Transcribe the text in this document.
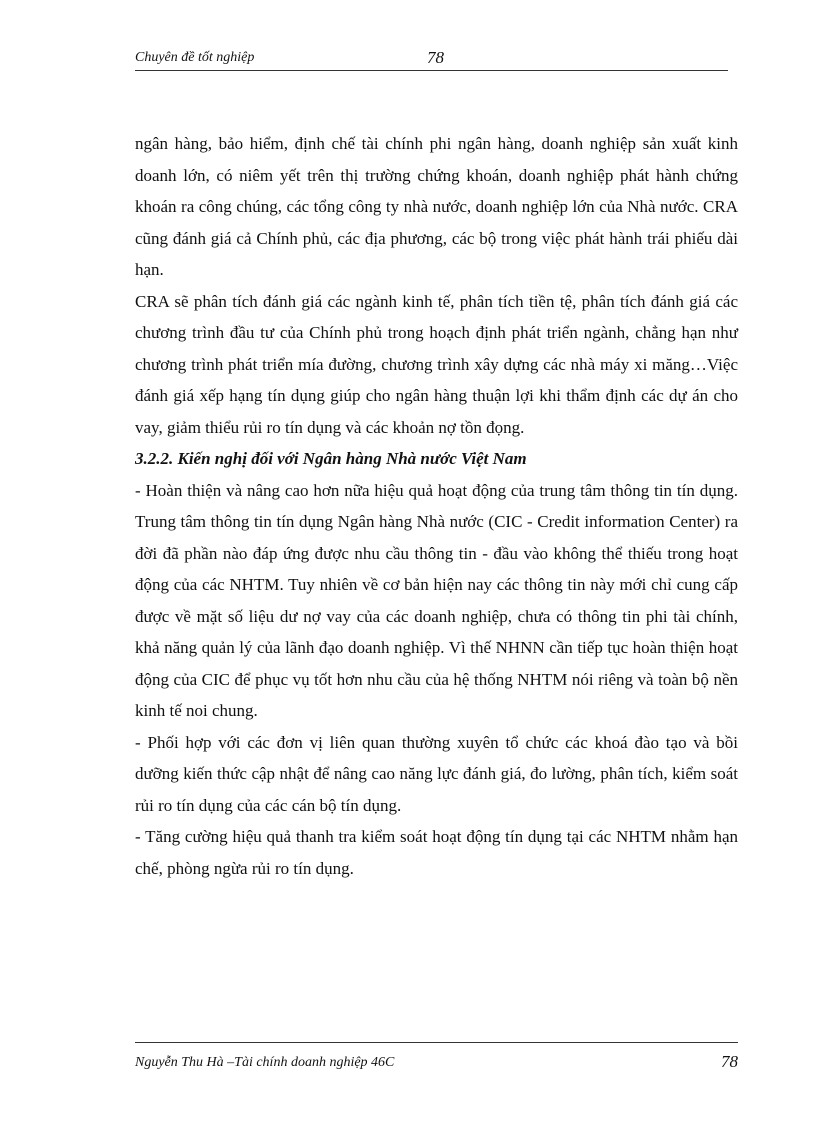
Chuyên đề tốt nghiệp	78

ngân hàng, bảo hiểm, định chế tài chính phi ngân hàng, doanh nghiệp sản xuất kinh doanh lớn, có niêm yết trên thị trường chứng khoán, doanh nghiệp phát hành chứng khoán ra công chúng, các tổng công ty nhà nước, doanh nghiệp lớn của Nhà nước. CRA cũng đánh giá cả Chính phủ, các địa phương, các bộ trong việc phát hành trái phiếu dài hạn.

CRA sẽ phân tích đánh giá các ngành kinh tế, phân tích tiền tệ, phân tích đánh giá các chương trình đầu tư của Chính phủ trong hoạch định phát triển ngành, chẳng hạn như chương trình phát triển mía đường, chương trình xây dựng các nhà máy xi măng…Việc đánh giá xếp hạng tín dụng giúp cho ngân hàng thuận lợi khi thẩm định các dự án cho vay, giảm thiểu rủi ro tín dụng và các khoản nợ tồn đọng.

3.2.2. Kiến nghị đối với Ngân hàng Nhà nước Việt Nam

- Hoàn thiện và nâng cao hơn nữa hiệu quả hoạt động của trung tâm thông tin tín dụng. Trung tâm thông tin tín dụng Ngân hàng Nhà nước (CIC - Credit information Center) ra đời đã phần nào đáp ứng được nhu cầu thông tin - đầu vào không thể thiếu trong hoạt động của các NHTM. Tuy nhiên về cơ bản hiện nay các thông tin này mới chỉ cung cấp được về mặt số liệu dư nợ vay của các doanh nghiệp, chưa có thông tin phi tài chính, khả năng quản lý của lãnh đạo doanh nghiệp. Vì thế NHNN cần tiếp tục hoàn thiện hoạt động của CIC để phục vụ tốt hơn nhu cầu của hệ thống NHTM nói riêng và toàn bộ nền kinh tế noi chung.

- Phối hợp với các đơn vị liên quan thường xuyên tổ chức các khoá đào tạo và bồi dưỡng kiến thức cập nhật để nâng cao năng lực đánh giá, đo lường, phân tích, kiểm soát rủi ro tín dụng của các cán bộ tín dụng.

- Tăng cường hiệu quả thanh tra kiểm soát hoạt động tín dụng tại các NHTM nhằm hạn chế, phòng ngừa rủi ro tín dụng.

Nguyễn Thu Hà –Tài chính doanh nghiệp 46C	78
